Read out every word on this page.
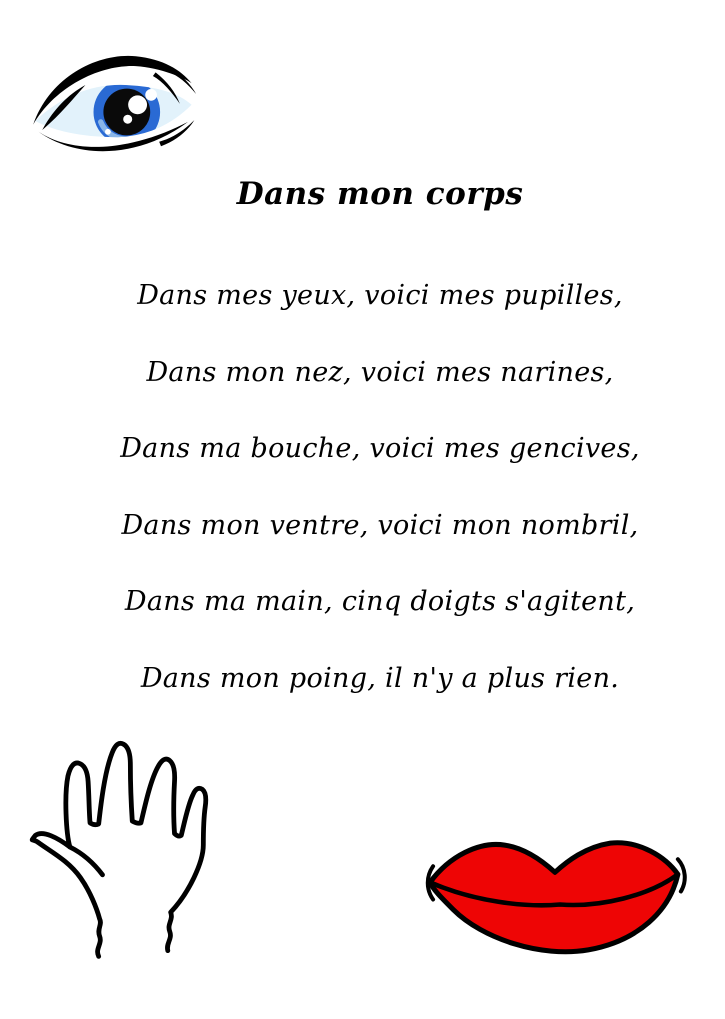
Dans mon corps
Dans mes yeux, voici mes pupilles,
Dans mon nez, voici mes narines,
Dans ma bouche, voici mes gencives,
Dans mon ventre, voici mon nombril,
Dans ma main, cinq doigts s'agitent,
Dans mon poing, il n'y a plus rien.
